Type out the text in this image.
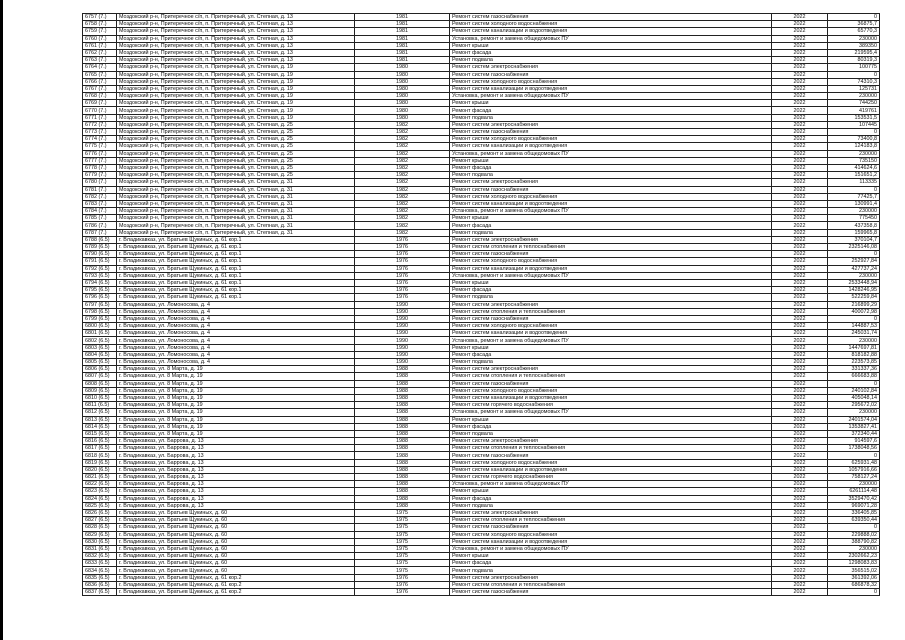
6757 (7.)	Моздокский р-н, Притеречное с/п, п. Притеречный, ул. Степная, д. 13	1981	Ремонт систем газоснабжения	2022	0
6758 (7.)	Моздокский р-н, Притеречное с/п, п. Притеречный, ул. Степная, д. 13	1981	Ремонт систем холодного водоснабжения	2022	36875,7
6759 (7.)	Моздокский р-н, Притеречное с/п, п. Притеречный, ул. Степная, д. 13	1981	Ремонт систем канализации и водоотведения	2022	65770,3
6760 (7.)	Моздокский р-н, Притеречное с/п, п. Притеречный, ул. Степная, д. 13	1981	Установка, ремонт и замена общедомовых ПУ	2022	230000
6761 (7.)	Моздокский р-н, Притеречное с/п, п. Притеречный, ул. Степная, д. 13	1981	Ремонт крыши	2022	389350
6762 (7.)	Моздокский р-н, Притеречное с/п, п. Притеречный, ул. Степная, д. 13	1981	Ремонт фасада	2022	219595,4
6763 (7.)	Моздокский р-н, Притеречное с/п, п. Притеречный, ул. Степная, д. 13	1981	Ремонт подвала	2022	80319,3
6764 (7.)	Моздокский р-н, Притеречное с/п, п. Притеречный, ул. Степная, д. 19	1980	Ремонт систем электроснабжения	2022	100775
6765 (7.)	Моздокский р-н, Притеречное с/п, п. Притеречный, ул. Степная, д. 19	1980	Ремонт систем газоснабжения	2022	0
6766 (7.)	Моздокский р-н, Притеречное с/п, п. Притеречный, ул. Степная, д. 19	1980	Ремонт систем холодного водоснабжения	2022	74310,3
6767 (7.)	Моздокский р-н, Притеречное с/п, п. Притеречный, ул. Степная, д. 19	1980	Ремонт систем канализации и водоотведения	2022	125731
6768 (7.)	Моздокский р-н, Притеречное с/п, п. Притеречный, ул. Степная, д. 19	1980	Установка, ремонт и замена общедомовых ПУ	2022	230000
6769 (7.)	Моздокский р-н, Притеречное с/п, п. Притеречный, ул. Степная, д. 19	1980	Ремонт крыши	2022	744250
6770 (7.)	Моздокский р-н, Притеречное с/п, п. Притеречный, ул. Степная, д. 19	1980	Ремонт фасада	2022	419761
6771 (7.)	Моздокский р-н, Притеречное с/п, п. Притеречный, ул. Степная, д. 19	1980	Ремонт подвала	2022	153531,5
6772 (7.)	Моздокский р-н, Притеречное с/п, п. Притеречный, ул. Степная, д. 25	1982	Ремонт систем электроснабжения	2022	107445
6773 (7.)	Моздокский р-н, Притеречное с/п, п. Притеречный, ул. Степная, д. 25	1982	Ремонт систем газоснабжения	2022	0
6774 (7.)	Моздокский р-н, Притеречное с/п, п. Притеречный, ул. Степная, д. 25	1982	Ремонт систем холодного водоснабжения	2022	73400,8
6775 (7.)	Моздокский р-н, Притеречное с/п, п. Притеречный, ул. Степная, д. 25	1982	Ремонт систем канализации и водоотведения	2022	124183,8
6776 (7.)	Моздокский р-н, Притеречное с/п, п. Притеречный, ул. Степная, д. 25	1982	Установка, ремонт и замена общедомовых ПУ	2022	230000
6777 (7.)	Моздокский р-н, Притеречное с/п, п. Притеречный, ул. Степная, д. 25	1982	Ремонт крыши	2022	735150
6778 (7.)	Моздокский р-н, Притеречное с/п, п. Притеречный, ул. Степная, д. 25	1982	Ремонт фасада	2022	414624,6
6779 (7.)	Моздокский р-н, Притеречное с/п, п. Притеречный, ул. Степная, д. 25	1982	Ремонт подвала	2022	151651,2
6780 (7.)	Моздокский р-н, Притеречное с/п, п. Притеречный, ул. Степная, д. 31	1982	Ремонт систем электроснабжения	2022	113335
6781 (7.)	Моздокский р-н, Притеречное с/п, п. Притеречный, ул. Степная, д. 31	1982	Ремонт систем газоснабжения	2022	0
6782 (7.)	Моздокский р-н, Притеречное с/п, п. Притеречный, ул. Степная, д. 31	1982	Ремонт систем холодного водоснабжения	2022	77425,7
6783 (7.)	Моздокский р-н, Притеречное с/п, п. Притеречный, ул. Степная, д. 31	1982	Ремонт систем канализации и водоотведения	2022	130991,4
6784 (7.)	Моздокский р-н, Притеречное с/п, п. Притеречный, ул. Степная, д. 31	1982	Установка, ремонт и замена общедомовых ПУ	2022	230000
6785 (7.)	Моздокский р-н, Притеречное с/п, п. Притеречный, ул. Степная, д. 31	1982	Ремонт крыши	2022	775450
6786 (7.)	Моздокский р-н, Притеречное с/п, п. Притеречный, ул. Степная, д. 31	1982	Ремонт фасада	2022	437358,8
6787 (7.)	Моздокский р-н, Притеречное с/п, п. Притеречный, ул. Степная, д. 31	1982	Ремонт подвала	2022	159965,8
6788 (6.5)	г. Владикавказ, ул. Братьев Щукиных, д. 61 кор.1	1976	Ремонт систем электроснабжения	2022	370104,7
6789 (6.5)	г. Владикавказ, ул. Братьев Щукиных, д. 61 кор.1	1976	Ремонт систем отопления и теплоснабжения	2022	2325146,08
6790 (6.5)	г. Владикавказ, ул. Братьев Щукиных, д. 61 кор.1	1976	Ремонт систем газоснабжения	2022	0
6791 (6.5)	г. Владикавказ, ул. Братьев Щукиных, д. 61 кор.1	1976	Ремонт систем холодного водоснабжения	2022	252927,84
6792 (6.5)	г. Владикавказ, ул. Братьев Щукиных, д. 61 кор.1	1976	Ремонт систем канализации и водоотведения	2022	427737,24
6793 (6.5)	г. Владикавказ, ул. Братьев Щукиных, д. 61 кор.1	1976	Установка, ремонт и замена общедомовых ПУ	2022	230000
6794 (6.5)	г. Владикавказ, ул. Братьев Щукиных, д. 61 кор.1	1976	Ремонт крыши	2022	2533448,94
6795 (6.5)	г. Владикавказ, ул. Братьев Щукиных, д. 61 кор.1	1976	Ремонт фасада	2022	1428246,95
6796 (6.5)	г. Владикавказ, ул. Братьев Щукиных, д. 61 кор.1	1976	Ремонт подвала	2022	522259,84
6797 (6.5)	г. Владикавказ, ул. Ломоносова, д. 4	1990	Ремонт систем электроснабжения	2022	216899,29
6798 (6.5)	г. Владикавказ, ул. Ломоносова, д. 4	1990	Ремонт систем отопления и теплоснабжения	2022	400072,98
6799 (6.5)	г. Владикавказ, ул. Ломоносова, д. 4	1990	Ремонт систем газоснабжения	2022	0
6800 (6.5)	г. Владикавказ, ул. Ломоносова, д. 4	1990	Ремонт систем холодного водоснабжения	2022	144887,53
6801 (6.5)	г. Владикавказ, ул. Ломоносова, д. 4	1990	Ремонт систем канализации и водоотведения	2022	245031,74
6802 (6.5)	г. Владикавказ, ул. Ломоносова, д. 4	1990	Установка, ремонт и замена общедомовых ПУ	2022	230000
6803 (6.5)	г. Владикавказ, ул. Ломоносова, д. 4	1990	Ремонт крыши	2022	1447697,81
6804 (6.5)	г. Владикавказ, ул. Ломоносова, д. 4	1990	Ремонт фасада	2022	818182,88
6805 (6.5)	г. Владикавказ, ул. Ломоносова, д. 4	1990	Ремонт подвала	2022	223573,85
6806 (6.5)	г. Владикавказ, ул. 8 Марта, д. 19	1988	Ремонт систем электроснабжения	2022	331337,36
6807 (6.5)	г. Владикавказ, ул. 8 Марта, д. 19	1988	Ремонт систем отопления и теплоснабжения	2022	666683,88
6808 (6.5)	г. Владикавказ, ул. 8 Марта, д. 19	1988	Ремонт систем газоснабжения	2022	0
6809 (6.5)	г. Владикавказ, ул. 8 Марта, д. 19	1988	Ремонт систем холодного водоснабжения	2022	240102,84
6810 (6.5)	г. Владикавказ, ул. 8 Марта, д. 19	1988	Ремонт систем канализации и водоотведения	2022	405048,14
6811 (6.5)	г. Владикавказ, ул. 8 Марта, д. 19	1988	Ремонт систем горячего водоснабжения	2022	295672,02
6812 (6.5)	г. Владикавказ, ул. 8 Марта, д. 19	1988	Установка, ремонт и замена общедомовых ПУ	2022	230000
6813 (6.5)	г. Владикавказ, ул. 8 Марта, д. 19	1988	Ремонт крыши	2022	2401574,04
6814 (6.5)	г. Владикавказ, ул. 8 Марта, д. 19	1988	Ремонт фасада	2022	1353827,41
6815 (6.5)	г. Владикавказ, ул. 8 Марта, д. 19	1988	Ремонт подвала	2022	372340,44
6816 (6.5)	г. Владикавказ, ул. Баррова, д. 13	1988	Ремонт систем электроснабжения	2022	914597,6
6817 (6.5)	г. Владикавказ, ул. Баррова, д. 13	1988	Ремонт систем отопления и теплоснабжения	2022	1738048,56
6818 (6.5)	г. Владикавказ, ул. Баррова, д. 13	1988	Ремонт систем газоснабжения	2022	0
6819 (6.5)	г. Владикавказ, ул. Баррова, д. 13	1988	Ремонт систем холодного водоснабжения	2022	625931,48
6820 (6.5)	г. Владикавказ, ул. Баррова, д. 13	1988	Ремонт систем канализации и водоотведения	2022	1057916,66
6821 (6.5)	г. Владикавказ, ул. Баррова, д. 13	1988	Ремонт систем горячего водоснабжения	2022	758127,24
6822 (6.5)	г. Владикавказ, ул. Баррова, д. 13	1988	Установка, ремонт и замена общедомовых ПУ	2022	230000
6823 (6.5)	г. Владикавказ, ул. Баррова, д. 13	1988	Ремонт крыши	2022	6261114,48
6824 (6.5)	г. Владикавказ, ул. Баррова, д. 13	1988	Ремонт фасада	2022	3529470,42
6825 (6.5)	г. Владикавказ, ул. Баррова, д. 13	1988	Ремонт подвала	2022	969071,28
6826 (6.5)	г. Владикавказ, ул. Братьев Щукиных, д. 60	1975	Ремонт систем электроснабжения	2022	336405,85
6827 (6.5)	г. Владикавказ, ул. Братьев Щукиных, д. 60	1975	Ремонт систем отопления и теплоснабжения	2022	639350,44
6828 (6.5)	г. Владикавказ, ул. Братьев Щукиных, д. 60	1975	Ремонт систем газоснабжения	2022	0
6829 (6.5)	г. Владикавказ, ул. Братьев Щукиных, д. 60	1975	Ремонт систем холодного водоснабжения	2022	229888,02
6830 (6.5)	г. Владикавказ, ул. Братьев Щукиных, д. 60	1975	Ремонт систем канализации и водоотведения	2022	388790,82
6831 (6.5)	г. Владикавказ, ул. Братьев Щукиных, д. 60	1975	Установка, ремонт и замена общедомовых ПУ	2022	230000
6832 (6.5)	г. Владикавказ, ул. Братьев Щукиных, д. 60	1975	Ремонт крыши	2022	2302662,23
6833 (6.5)	г. Владикавказ, ул. Братьев Щукиных, д. 60	1975	Ремонт фасада	2022	1298083,83
6834 (6.5)	г. Владикавказ, ул. Братьев Щукиных, д. 60	1975	Ремонт подвала	2022	356515,02
6835 (6.5)	г. Владикавказ, ул. Братьев Щукиных, д. 61 кор.2	1976	Ремонт систем электроснабжения	2022	361392,06
6836 (6.5)	г. Владикавказ, ул. Братьев Щукиных, д. 61 кор.2	1976	Ремонт систем отопления и теплоснабжения	2022	686878,32
6837 (6.5)	г. Владикавказ, ул. Братьев Щукиных, д. 61 кор.2	1976	Ремонт систем газоснабжения	2022	0
